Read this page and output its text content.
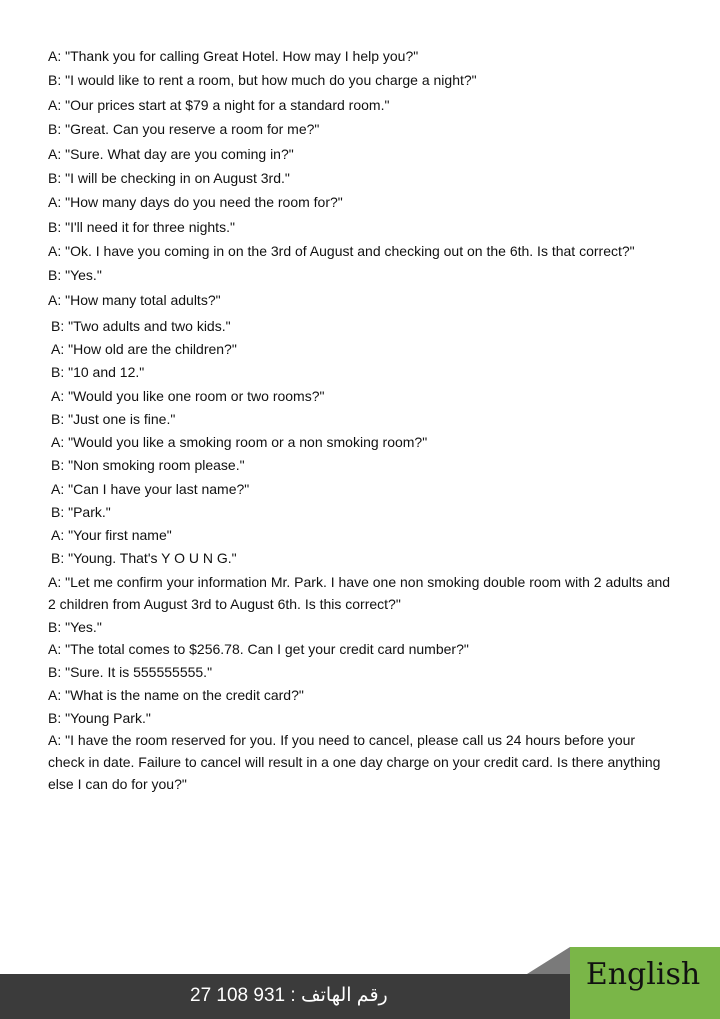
A: "Thank you for calling Great Hotel. How may I help you?"
B: "I would like to rent a room, but how much do you charge a night?"
A: "Our prices start at $79 a night for a standard room."
B: "Great. Can you reserve a room for me?"
A: "Sure. What day are you coming in?"
B: "I will be checking in on August 3rd."
A: "How many days do you need the room for?"
B: "I'll need it for three nights."
A: "Ok. I have you coming in on the 3rd of August and checking out on the 6th. Is that correct?"
B: "Yes."
A: "How many total adults?"
B: "Two adults and two kids."
A: "How old are the children?"
B: "10 and 12."
A: "Would you like one room or two rooms?"
B: "Just one is fine."
A: "Would you like a smoking room or a non smoking room?"
B: "Non smoking room please."
A: "Can I have your last name?"
B: "Park."
A: "Your first name"
B: "Young. That's Y O U N G."
A: "Let me confirm your information Mr. Park. I have one non smoking double room with 2 adults and 2 children from August 3rd to August 6th. Is this correct?"
B: "Yes."
A: "The total comes to $256.78. Can I get your credit card number?"
B: "Sure. It is 555555555."
A: "What is the name on the credit card?"
B: "Young Park."
A: "I have the room reserved for you. If you need to cancel, please call us 24 hours before your check in date. Failure to cancel will result in a one day charge on your credit card. Is there anything else I can do for you?"
رقم الهاتف : 931 108 27
English
